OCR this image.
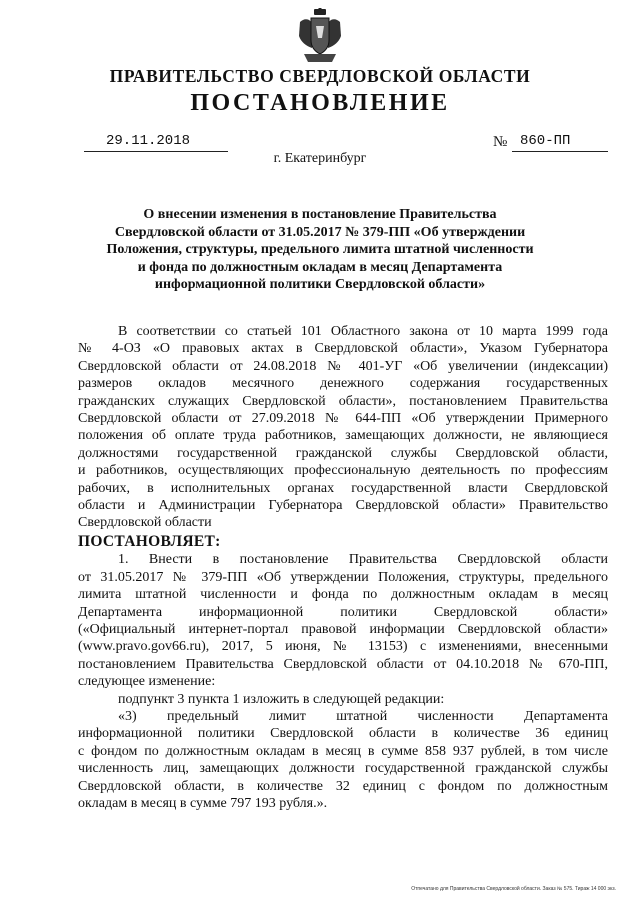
ПРАВИТЕЛЬСТВО СВЕРДЛОВСКОЙ ОБЛАСТИ
ПОСТАНОВЛЕНИЕ
29.11.2018	№ 860-ПП
г. Екатеринбург
О внесении изменения в постановление Правительства
Свердловской области от 31.05.2017 № 379-ПП «Об утверждении
Положения, структуры, предельного лимита штатной численности
и фонда по должностным окладам в месяц Департамента
информационной политики Свердловской области»

В соответствии со статьей 101 Областного закона от 10 марта 1999 года

№ 4-ОЗ «О правовых актах в Свердловской области», Указом Губернатора

Свердловской области от 24.08.2018 № 401-УГ «Об увеличении (индексации)

размеров окладов месячного денежного содержания государственных

гражданских служащих Свердловской области», постановлением Правительства

Свердловской области от 27.09.2018 № 644-ПП «Об утверждении Примерного

положения об оплате труда работников, замещающих должности, не являющиеся

должностями государственной гражданской службы Свердловской области,

и работников, осуществляющих профессиональную деятельность по профессиям

рабочих, в исполнительных органах государственной власти Свердловской

области и Администрации Губернатора Свердловской области» Правительство

Свердловской области

ПОСТАНОВЛЯЕТ:

1. Внести в постановление Правительства Свердловской области

от 31.05.2017 № 379-ПП «Об утверждении Положения, структуры, предельного

лимита штатной численности и фонда по должностным окладам в месяц

Департамента информационной политики Свердловской области»

(«Официальный интернет-портал правовой информации Свердловской области»

(www.pravo.gov66.ru), 2017, 5 июня, № 13153) с изменениями, внесенными

постановлением Правительства Свердловской области от 04.10.2018 № 670-ПП,

следующее изменение:

подпункт 3 пункта 1 изложить в следующей редакции:

«3) предельный лимит штатной численности Департамента

информационной политики Свердловской области в количестве 36 единиц

с фондом по должностным окладам в месяц в сумме 858 937 рублей, в том числе

численность лиц, замещающих должности государственной гражданской службы

Свердловской области, в количестве 32 единиц с фондом по должностным

окладам в месяц в сумме 797 193 рубля.».

Отпечатано для Правительства Свердловской области. Заказ № 575. Тираж 14 000 экз.
